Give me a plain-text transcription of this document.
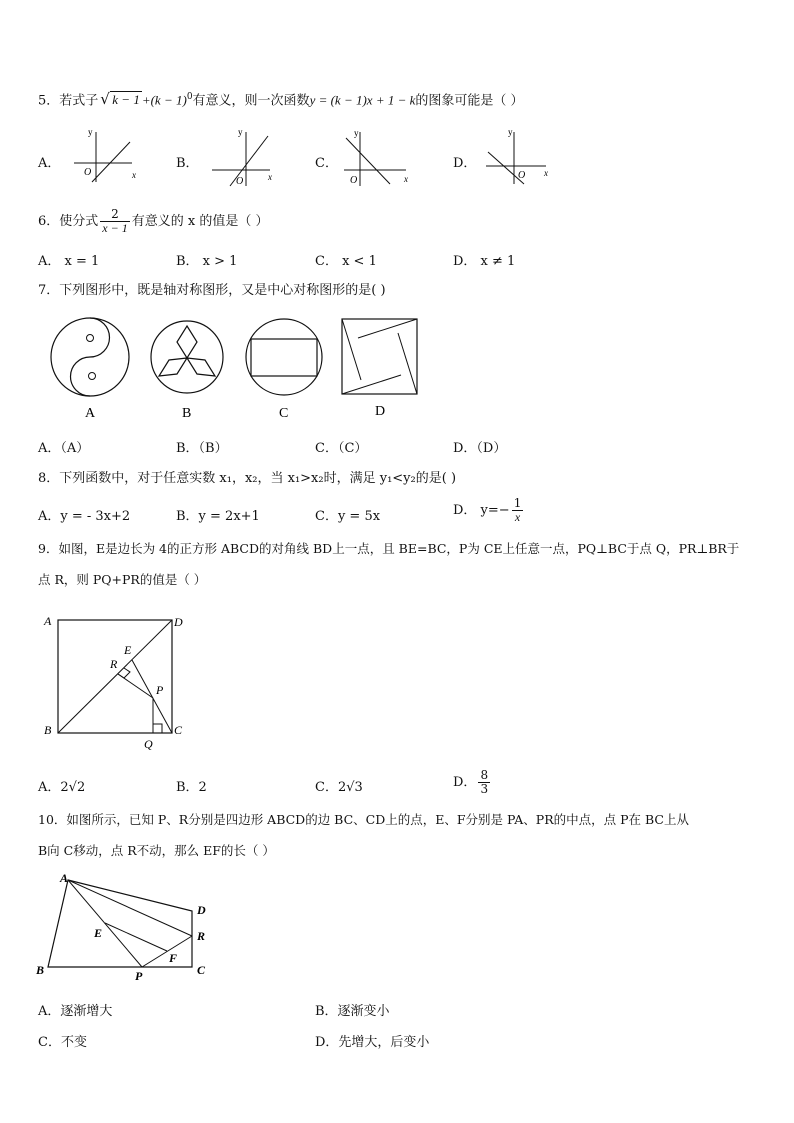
5．若式子 √ $k - 1 +(k - 1)^0$有意义，则一次函数y = (k − 1)x + 1 − k的图象可能是（ ）
A．	B．	C．	D．
y
O	x
y
O	x
y
O	x
y
O x
6．使分式 $\frac{2}{x - 1}$ 有意义的 x 的值是（ ）
A． x = 1	B． x > 1	C． x < 1	D． x ≠ 1
7．下列图形中，既是轴对称图形，又是中心对称图形的是( )
A	B	C	D
A．（A）	B．（B）	C．（C）	D．（D）
8．下列函数中，对于任意实数 x₁，x₂，当 x₁>x₂时，满足 y₁<y₂的是( )
A．y = - 3x+2	B．y = 2x+1	C．y = 5x	D． $y=- \frac{1}{x}$
9．如图，E是边长为 4的正方形 ABCD的对角线 BD上一点，且 BE=BC，P为 CE上任意一点，PQ⊥BC于点 Q，PR⊥BR于
点 R，则 PQ+PR的值是（ ）
A	D
B	C
E
R
P
Q
A．2√2	B．2	C．2√3	D． $\frac{8}{3}$
10．如图所示，已知 P、R分别是四边形 ABCD的边 BC、CD上的点，E、F分别是 PA、PR的中点，点 P在 BC上从
B向 C移动，点 R不动，那么 EF的长（ ）
A
D
R
C
B
E
F
P
A．逐渐增大	B．逐渐变小
C．不变	D．先增大，后变小
